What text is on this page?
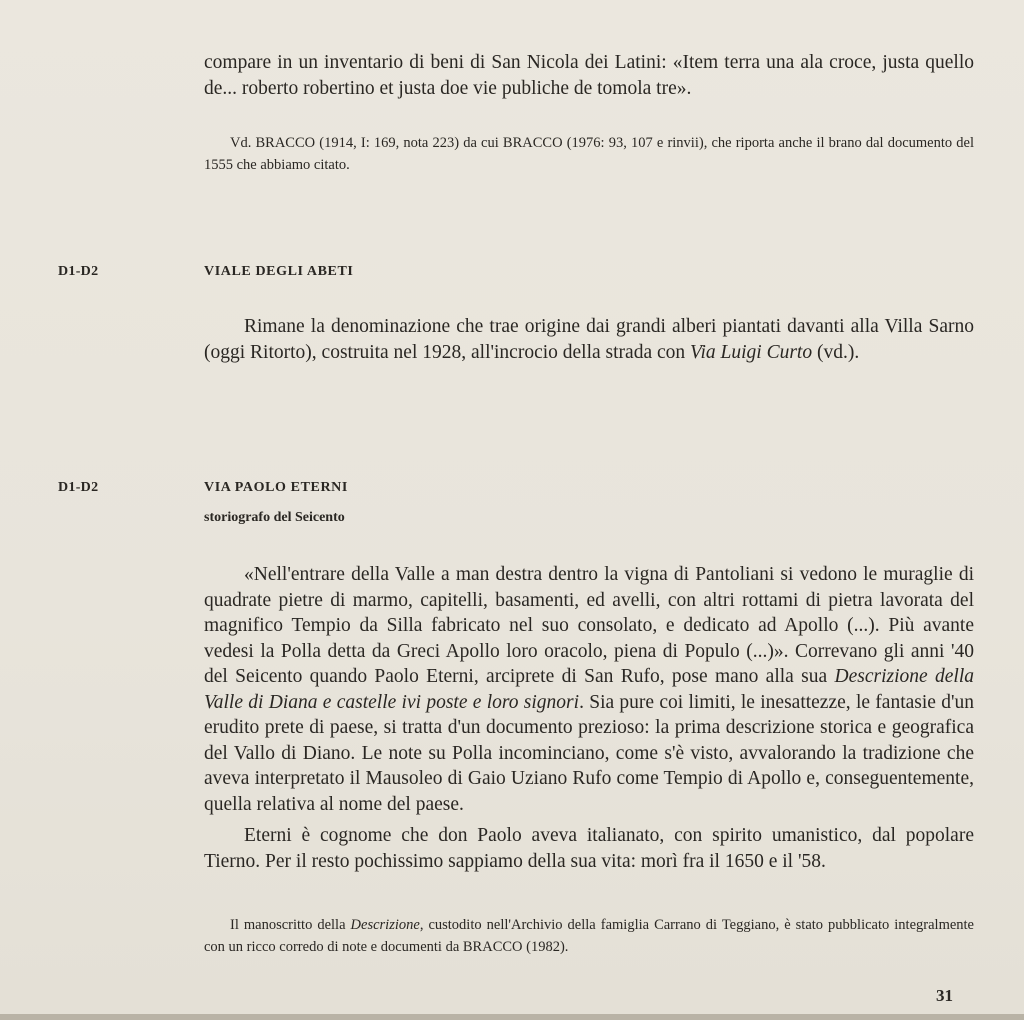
compare in un inventario di beni di San Nicola dei Latini: «Item terra una ala croce, justa quello de... roberto robertino et justa doe vie publiche de tomola tre».

Vd. BRACCO (1914, I: 169, nota 223) da cui BRACCO (1976: 93, 107 e rinvii), che riporta anche il brano dal documento del 1555 che abbiamo citato.

D1-D2	VIALE DEGLI ABETI

Rimane la denominazione che trae origine dai grandi alberi piantati davanti alla Villa Sarno (oggi Ritorto), costruita nel 1928, all'incrocio della strada con Via Luigi Curto (vd.).

D1-D2	VIA PAOLO ETERNI
storiografo del Seicento

«Nell'entrare della Valle a man destra dentro la vigna di Pantoliani si vedono le muraglie di quadrate pietre di marmo, capitelli, basamenti, ed avelli, con altri rottami di pietra lavorata del magnifico Tempio da Silla fabricato nel suo consolato, e dedicato ad Apollo (...). Più avante vedesi la Polla detta da Greci Apollo loro oracolo, piena di Populo (...)». Correvano gli anni '40 del Seicento quando Paolo Eterni, arciprete di San Rufo, pose mano alla sua Descrizione della Valle di Diana e castelle ivi poste e loro signori. Sia pure coi limiti, le inesattezze, le fantasie d'un erudito prete di paese, si tratta d'un documento prezioso: la prima descrizione storica e geografica del Vallo di Diano. Le note su Polla incominciano, come s'è visto, avvalorando la tradizione che aveva interpretato il Mausoleo di Gaio Uziano Rufo come Tempio di Apollo e, conseguentemente, quella relativa al nome del paese.

Eterni è cognome che don Paolo aveva italianato, con spirito umanistico, dal popolare Tierno. Per il resto pochissimo sappiamo della sua vita: morì fra il 1650 e il '58.

Il manoscritto della Descrizione, custodito nell'Archivio della famiglia Carrano di Teggiano, è stato pubblicato integralmente con un ricco corredo di note e documenti da BRACCO (1982).

31
